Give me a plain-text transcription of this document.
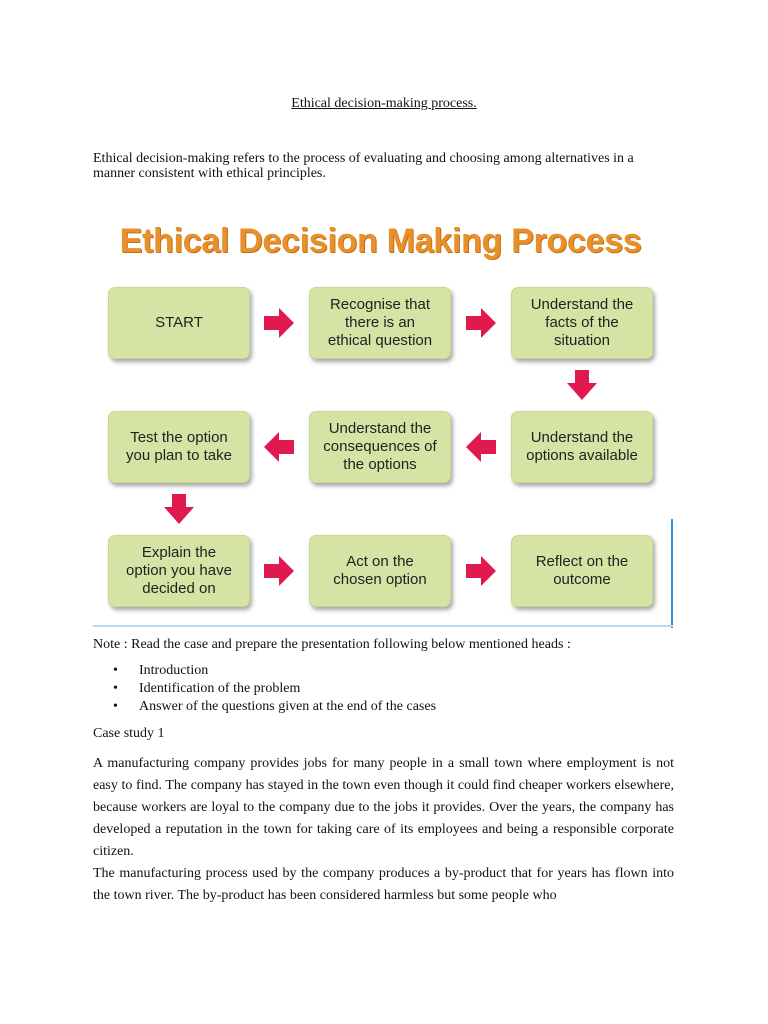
Ethical decision-making process.
Ethical decision-making refers to the process of evaluating and choosing among alternatives in a manner consistent with ethical principles.
Ethical Decision Making Process
START
Recognise that
there is an
ethical question
Understand the
facts of the
situation
Understand the
options available
Understand the
consequences of
the options
Test the option
you plan to take
Explain the
option you have
decided on
Act on the
chosen option
Reflect on the
outcome
Note : Read the case and prepare the presentation following below mentioned heads :
• Introduction
• Identification of the problem
• Answer of the questions given at the end of the cases
Case study 1

A manufacturing company provides jobs for many people in a small town where employment is not easy to find. The company has stayed in the town even though it could find cheaper workers elsewhere, because workers are loyal to the company due to the jobs it provides. Over the years, the company has developed a reputation in the town for taking care of its employees and being a responsible corporate citizen.

The manufacturing process used by the company produces a by-product that for years has flown into the town river. The by-product has been considered harmless but some people who
